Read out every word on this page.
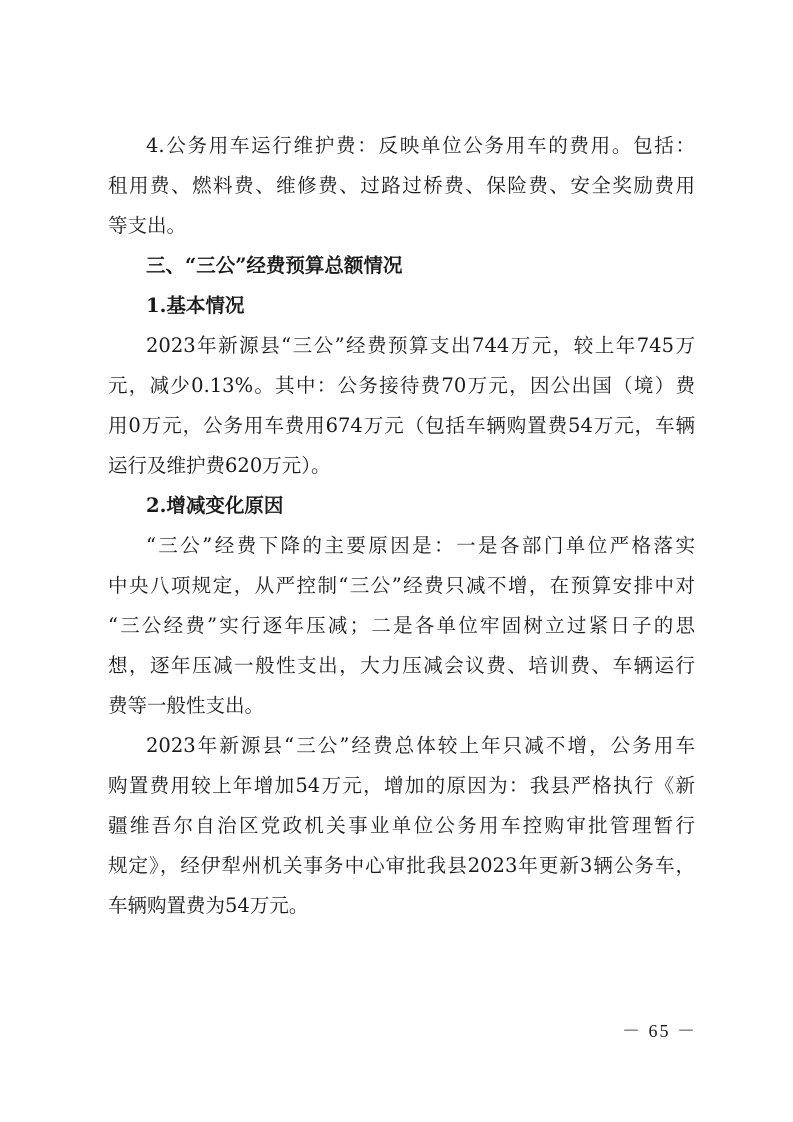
4.公务用车运行维护费：反映单位公务用车的费用。包括：
租用费、燃料费、维修费、过路过桥费、保险费、安全奖励费用
等支出。
三、“三公”经费预算总额情况
1.基本情况
2023年新源县“三公”经费预算支出744万元，较上年745万
元，减少0.13%。其中：公务接待费70万元，因公出国（境）费
用0万元，公务用车费用674万元（包括车辆购置费54万元，车辆
运行及维护费620万元）。
2.增减变化原因
“三公”经费下降的主要原因是：一是各部门单位严格落实
中央八项规定，从严控制“三公”经费只减不增，在预算安排中对
“三公经费”实行逐年压减；二是各单位牢固树立过紧日子的思
想，逐年压减一般性支出，大力压减会议费、培训费、车辆运行
费等一般性支出。
2023年新源县“三公”经费总体较上年只减不增，公务用车
购置费用较上年增加54万元，增加的原因为：我县严格执行《新
疆维吾尔自治区党政机关事业单位公务用车控购审批管理暂行
规定》，经伊犁州机关事务中心审批我县2023年更新3辆公务车，
车辆购置费为54万元。
－ 65 －
